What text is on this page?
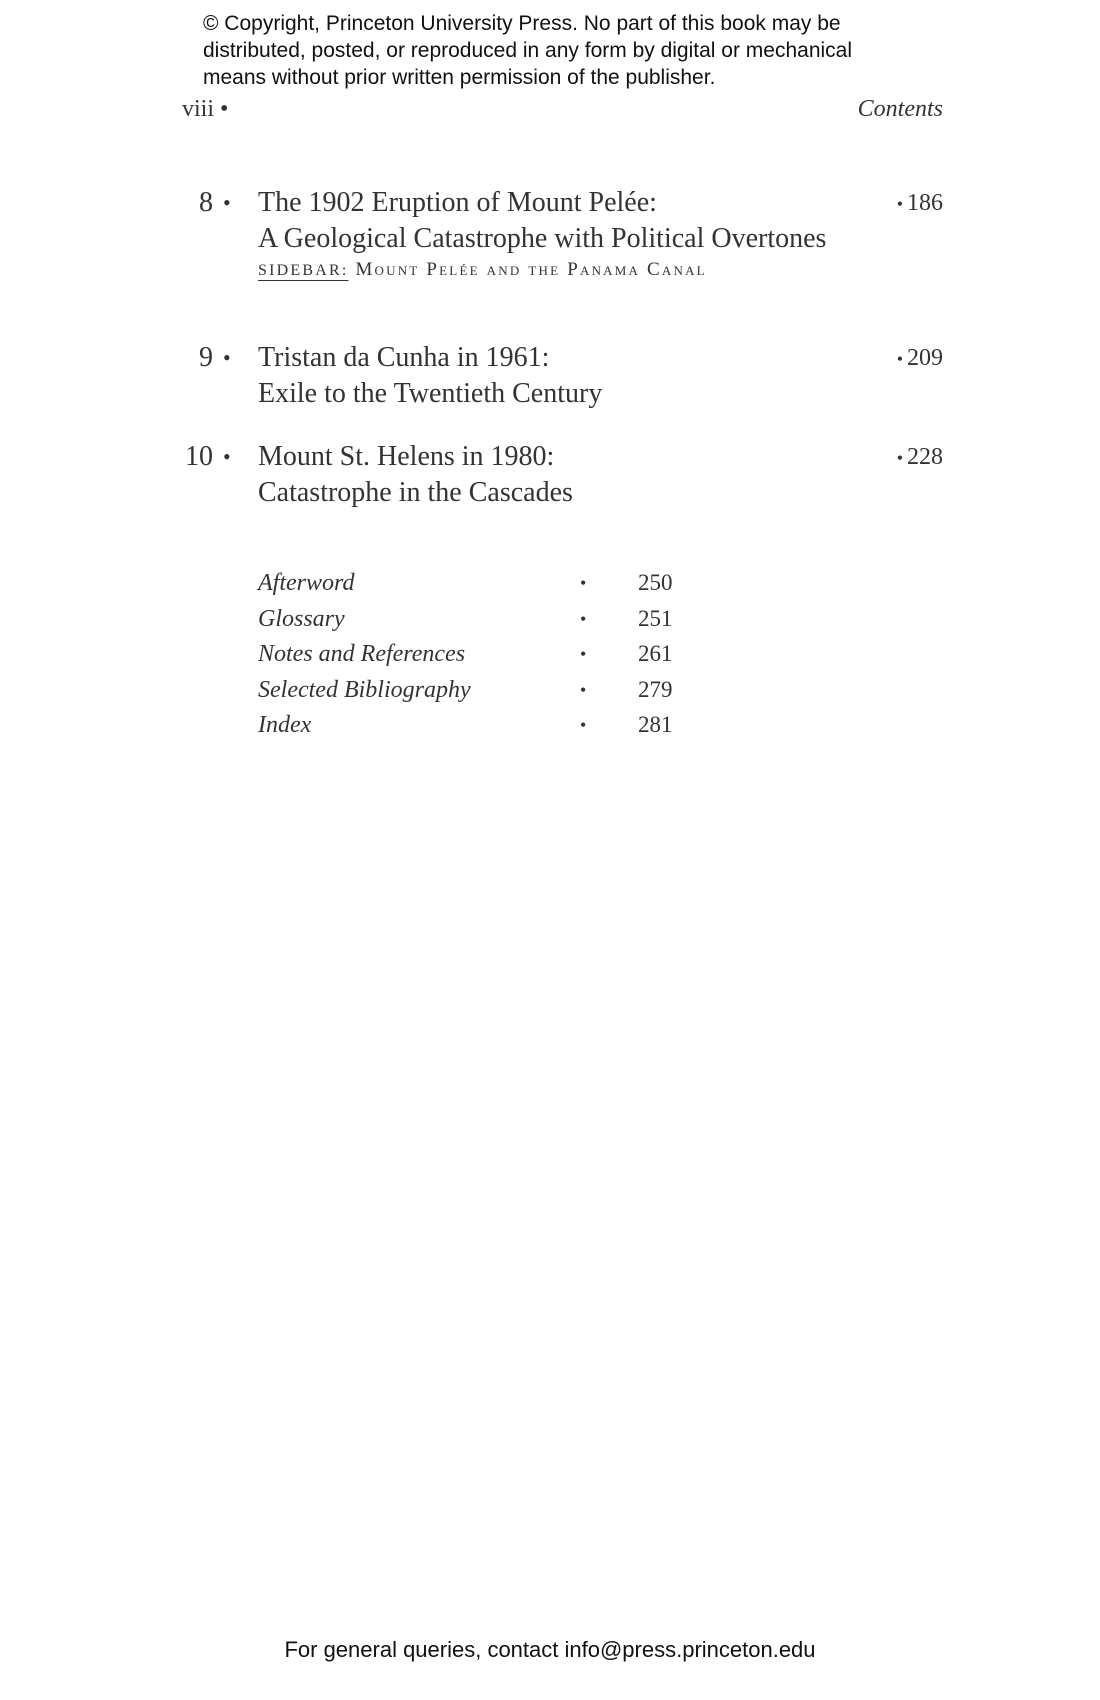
© Copyright, Princeton University Press. No part of this book may be
distributed, posted, or reproduced in any form by digital or mechanical
means without prior written permission of the publisher.
viii •	Contents
8 • The 1902 Eruption of Mount Pelée:
A Geological Catastrophe with Political Overtones
• 186
SIDEBAR: Mount Pelée and the Panama Canal
9 • Tristan da Cunha in 1961:
Exile to the Twentieth Century
• 209
10 • Mount St. Helens in 1980:
Catastrophe in the Cascades
• 228
Afterword	• 250
Glossary	• 251
Notes and References	• 261
Selected Bibliography	• 279
Index	• 281
For general queries, contact info@press.princeton.edu
